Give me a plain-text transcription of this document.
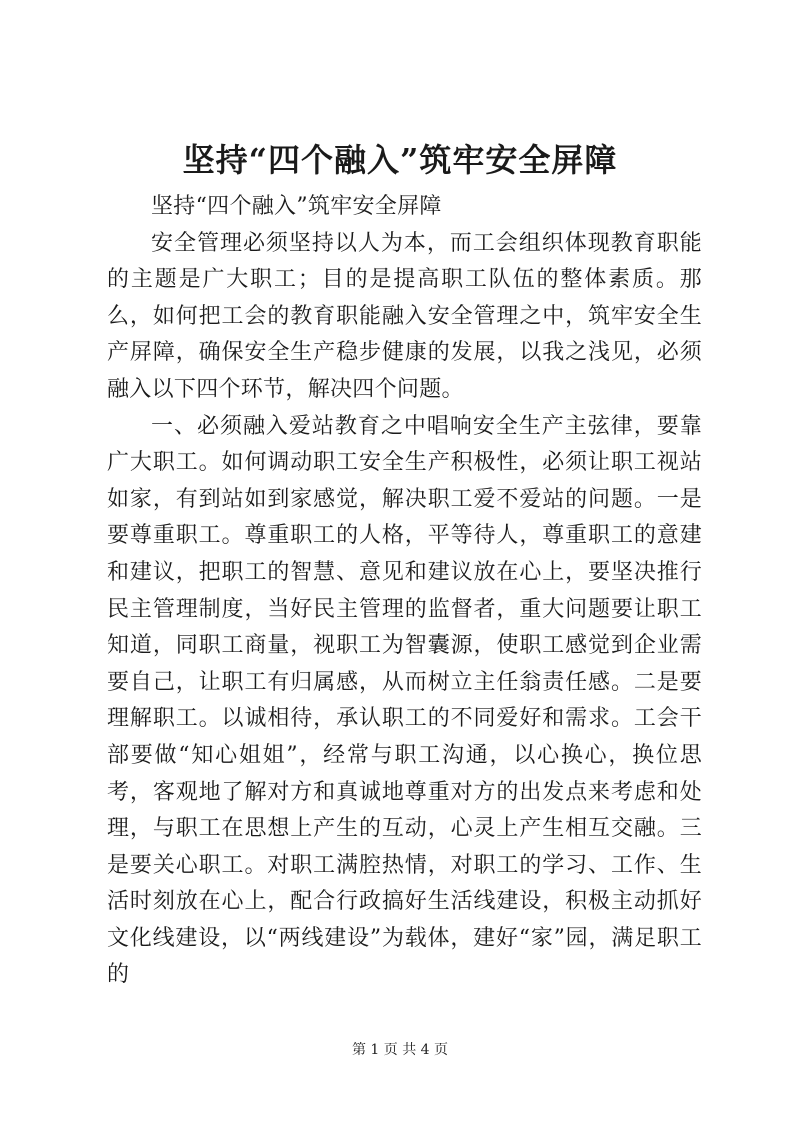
坚持“四个融入”筑牢安全屏障

坚持“四个融入”筑牢安全屏障

安全管理必须坚持以人为本，而工会组织体现教育职能的主题是广大职工；目的是提高职工队伍的整体素质。那么，如何把工会的教育职能融入安全管理之中，筑牢安全生产屏障，确保安全生产稳步健康的发展，以我之浅见，必须融入以下四个环节，解决四个问题。

一、必须融入爱站教育之中唱响安全生产主弦律，要靠广大职工。如何调动职工安全生产积极性，必须让职工视站如家，有到站如到家感觉，解决职工爱不爱站的问题。一是要尊重职工。尊重职工的人格，平等待人，尊重职工的意建和建议，把职工的智慧、意见和建议放在心上，要坚决推行民主管理制度，当好民主管理的监督者，重大问题要让职工知道，同职工商量，视职工为智囊源，使职工感觉到企业需要自己，让职工有归属感，从而树立主任翁责任感。二是要理解职工。以诚相待，承认职工的不同爱好和需求。工会干部要做“知心姐姐”，经常与职工沟通，以心换心，换位思考，客观地了解对方和真诚地尊重对方的出发点来考虑和处理，与职工在思想上产生的互动，心灵上产生相互交融。三是要关心职工。对职工满腔热情，对职工的学习、工作、生活时刻放在心上，配合行政搞好生活线建设，积极主动抓好文化线建设，以“两线建设”为载体，建好“家”园，满足职工的

第 1 页 共 4 页
